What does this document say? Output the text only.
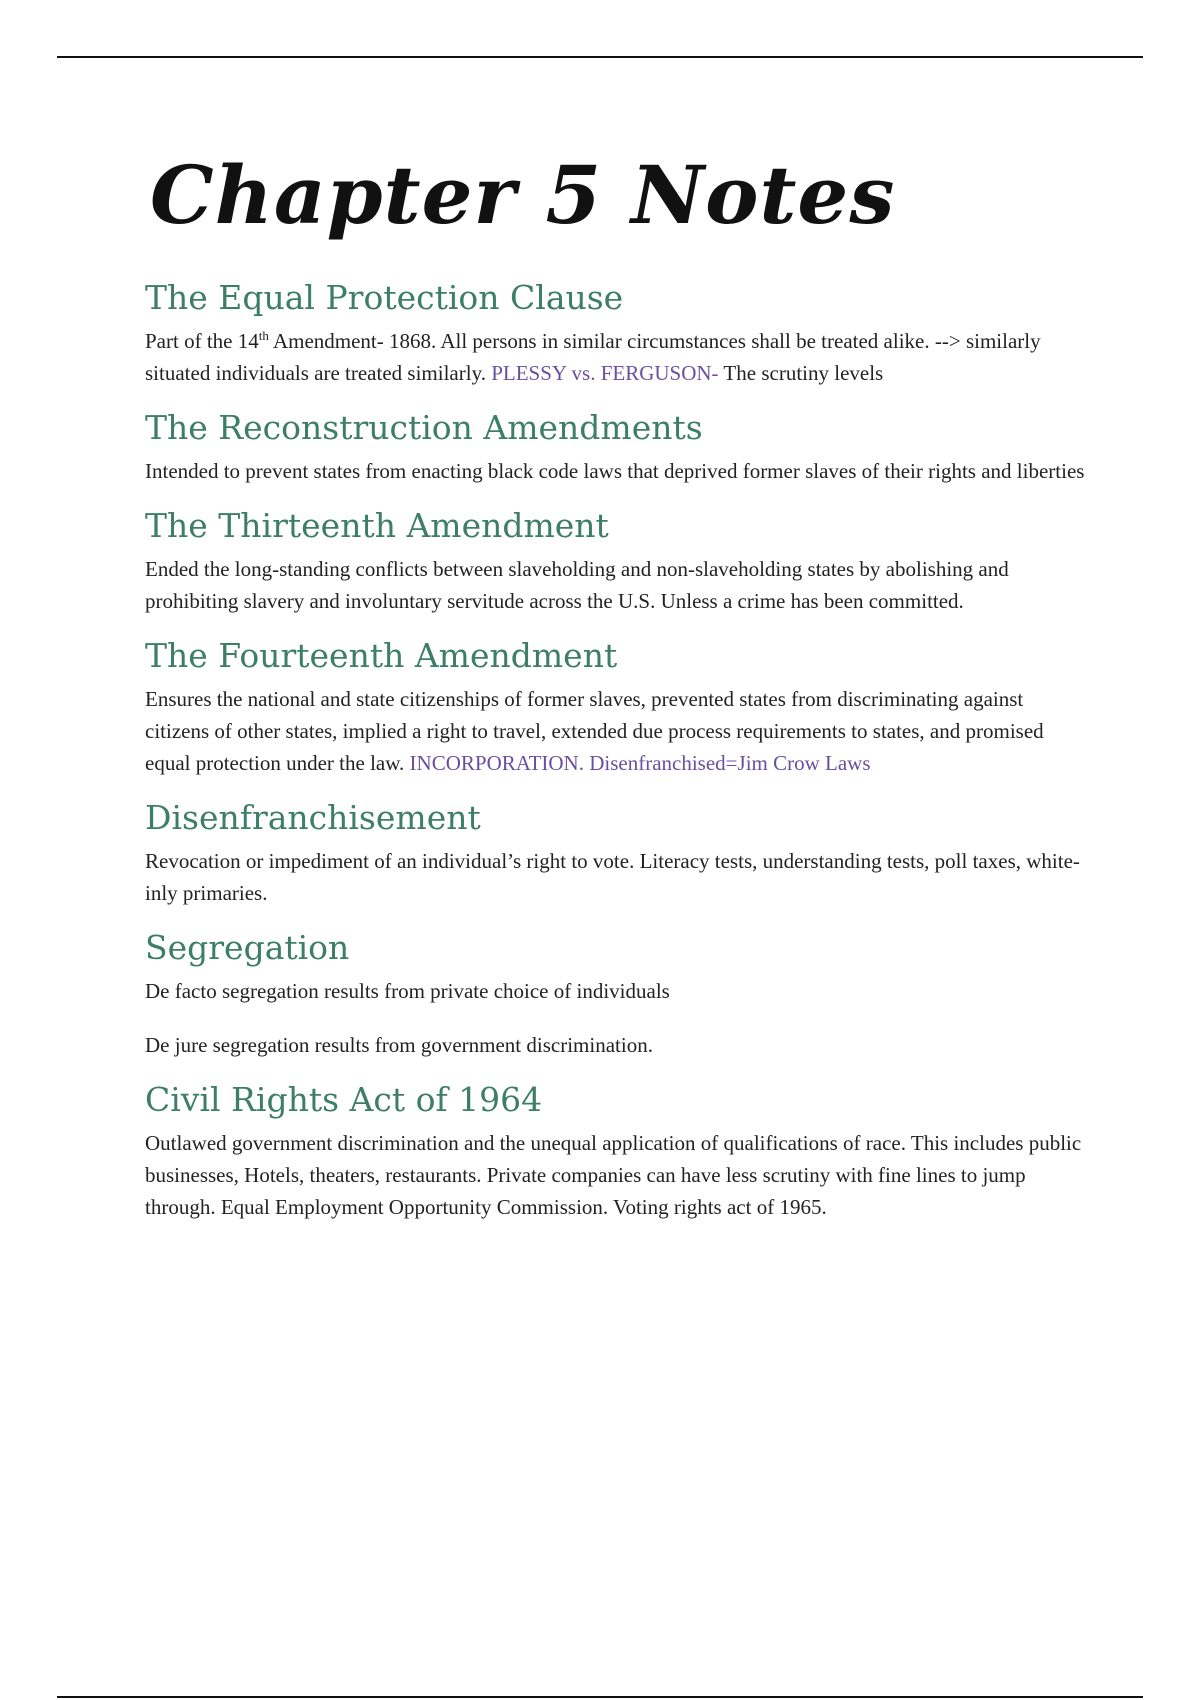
Chapter 5 Notes
The Equal Protection Clause

Part of the 14th Amendment- 1868. All persons in similar circumstances shall be treated alike. --> similarly situated individuals are treated similarly. PLESSY vs. FERGUSON- The scrutiny levels

The Reconstruction Amendments

Intended to prevent states from enacting black code laws that deprived former slaves of their rights and liberties

The Thirteenth Amendment

Ended the long-standing conflicts between slaveholding and non-slaveholding states by abolishing and prohibiting slavery and involuntary servitude across the U.S. Unless a crime has been committed.

The Fourteenth Amendment

Ensures the national and state citizenships of former slaves, prevented states from discriminating against citizens of other states, implied a right to travel, extended due process requirements to states, and promised equal protection under the law. INCORPORATION. Disenfranchised=Jim Crow Laws

Disenfranchisement

Revocation or impediment of an individual’s right to vote. Literacy tests, understanding tests, poll taxes, white-inly primaries.

Segregation

De facto segregation results from private choice of individuals

De jure segregation results from government discrimination.

Civil Rights Act of 1964

Outlawed government discrimination and the unequal application of qualifications of race. This includes public businesses, Hotels, theaters, restaurants. Private companies can have less scrutiny with fine lines to jump through. Equal Employment Opportunity Commission. Voting rights act of 1965.
